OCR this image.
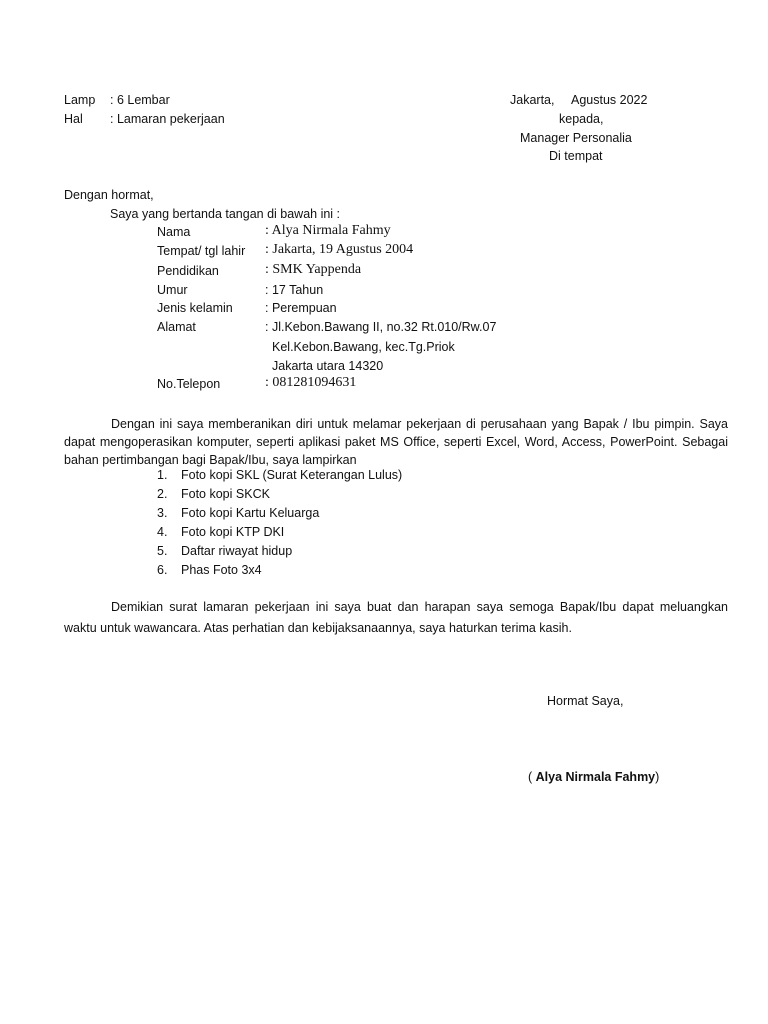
Lamp : 6 Lembar
Hal : Lamaran pekerjaan
Jakarta, Agustus 2022
kepada,
Manager Personalia
Di tempat
Dengan hormat,
Saya yang bertanda tangan di bawah ini :
Nama	: Alya Nirmala Fahmy
Tempat/ tgl lahir : Jakarta, 19 Agustus 2004
Pendidikan	: SMK Yappenda
Umur	: 17 Tahun
Jenis kelamin	: Perempuan
Alamat	: Jl.Kebon.Bawang II, no.32 Rt.010/Rw.07
Kel.Kebon.Bawang, kec.Tg.Priok
Jakarta utara 14320
No.Telepon	: 081281094631
Dengan ini saya memberanikan diri untuk melamar pekerjaan di perusahaan yang Bapak / Ibu pimpin. Saya dapat mengoperasikan komputer, seperti aplikasi paket MS Office, seperti Excel, Word, Access, PowerPoint. Sebagai bahan pertimbangan bagi Bapak/Ibu, saya lampirkan
1. Foto kopi SKL (Surat Keterangan Lulus)
2. Foto kopi SKCK
3. Foto kopi Kartu Keluarga
4. Foto kopi KTP DKI
5. Daftar riwayat hidup
6. Phas Foto 3x4
Demikian surat lamaran pekerjaan ini saya buat dan harapan saya semoga Bapak/Ibu dapat meluangkan waktu untuk wawancara. Atas perhatian dan kebijaksanaannya, saya haturkan terima kasih.
Hormat Saya,
( Alya Nirmala Fahmy)
